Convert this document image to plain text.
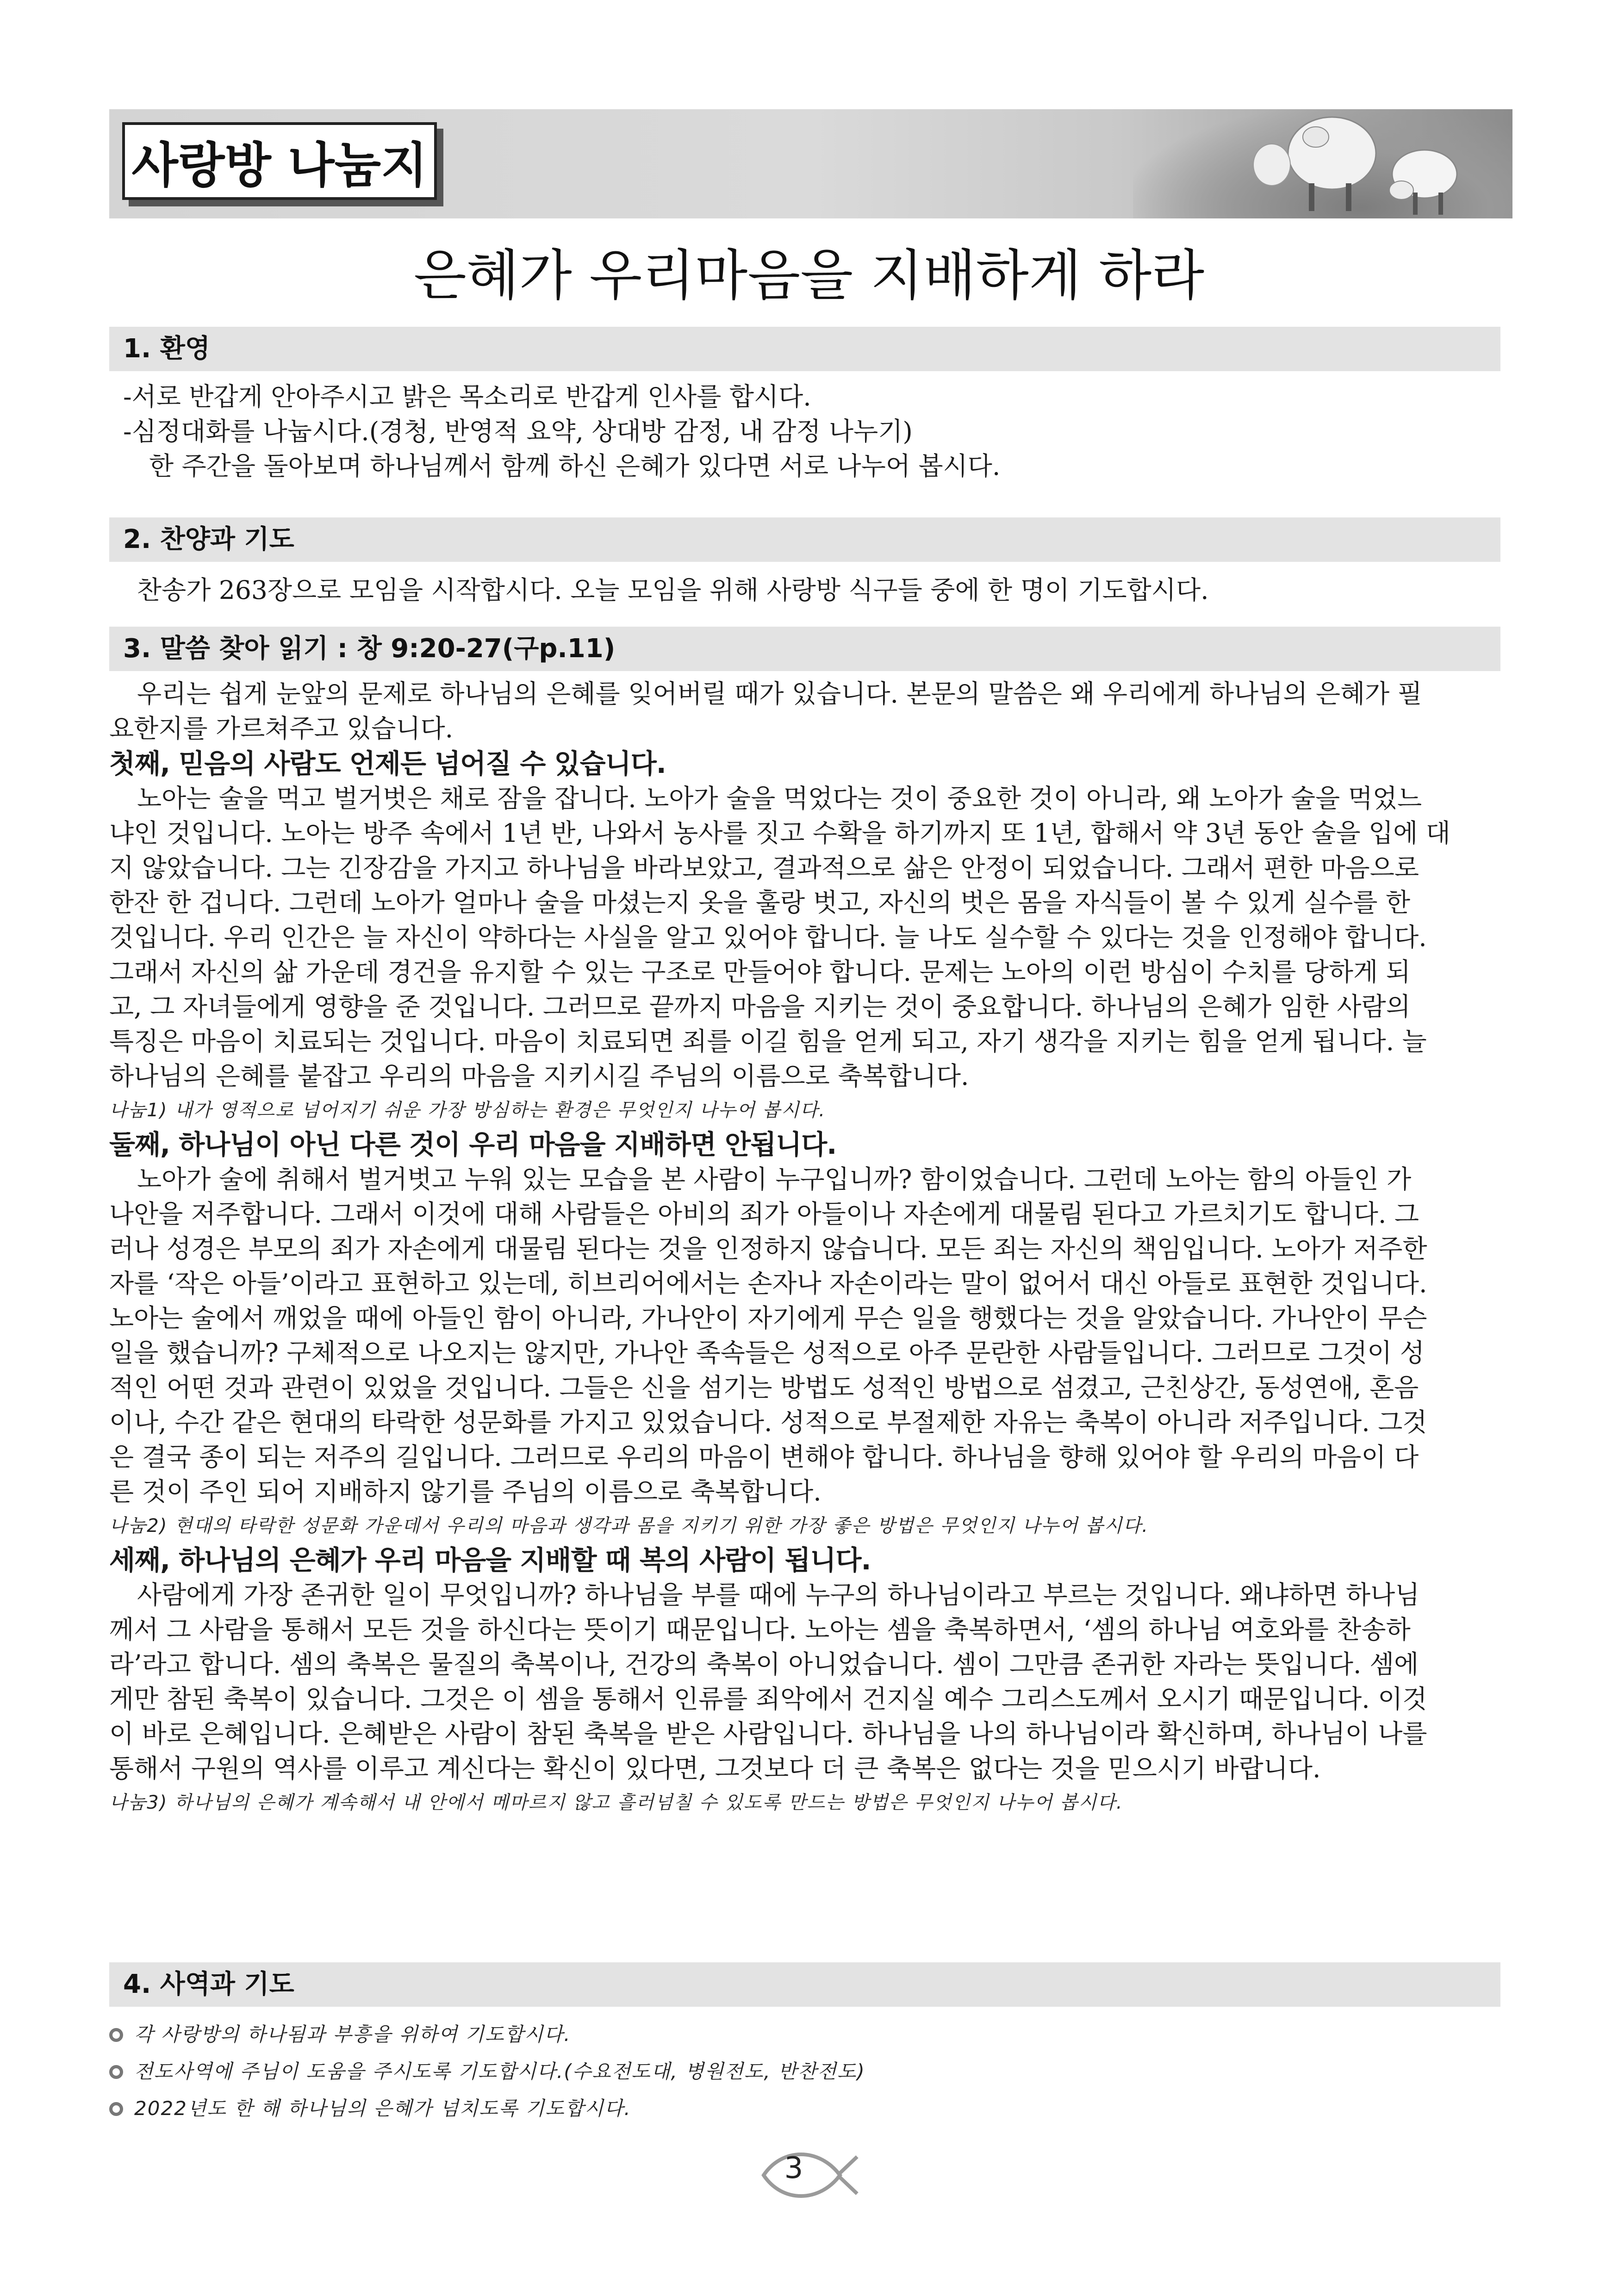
사랑방 나눔지
은혜가 우리마음을 지배하게 하라
1. 환영
-서로 반갑게 안아주시고 밝은 목소리로 반갑게 인사를 합시다.
-심정대화를 나눕시다.(경청, 반영적 요약, 상대방 감정, 내 감정 나누기)
한 주간을 돌아보며 하나님께서 함께 하신 은혜가 있다면 서로 나누어 봅시다.
2. 찬양과 기도
찬송가 263장으로 모임을 시작합시다. 오늘 모임을 위해 사랑방 식구들 중에 한 명이 기도합시다.
3. 말씀 찾아 읽기 : 창 9:20-27(구p.11)
우리는 쉽게 눈앞의 문제로 하나님의 은혜를 잊어버릴 때가 있습니다. 본문의 말씀은 왜 우리에게 하나님의 은혜가 필
요한지를 가르쳐주고 있습니다.
첫째, 믿음의 사람도 언제든 넘어질 수 있습니다.
노아는 술을 먹고 벌거벗은 채로 잠을 잡니다. 노아가 술을 먹었다는 것이 중요한 것이 아니라, 왜 노아가 술을 먹었느
냐인 것입니다. 노아는 방주 속에서 1년 반, 나와서 농사를 짓고 수확을 하기까지 또 1년, 합해서 약 3년 동안 술을 입에 대
지 않았습니다. 그는 긴장감을 가지고 하나님을 바라보았고, 결과적으로 삶은 안정이 되었습니다. 그래서 편한 마음으로
한잔 한 겁니다. 그런데 노아가 얼마나 술을 마셨는지 옷을 훌랑 벗고, 자신의 벗은 몸을 자식들이 볼 수 있게 실수를 한
것입니다. 우리 인간은 늘 자신이 약하다는 사실을 알고 있어야 합니다. 늘 나도 실수할 수 있다는 것을 인정해야 합니다.
그래서 자신의 삶 가운데 경건을 유지할 수 있는 구조로 만들어야 합니다. 문제는 노아의 이런 방심이 수치를 당하게 되
고, 그 자녀들에게 영향을 준 것입니다. 그러므로 끝까지 마음을 지키는 것이 중요합니다. 하나님의 은혜가 임한 사람의
특징은 마음이 치료되는 것입니다. 마음이 치료되면 죄를 이길 힘을 얻게 되고, 자기 생각을 지키는 힘을 얻게 됩니다. 늘
하나님의 은혜를 붙잡고 우리의 마음을 지키시길 주님의 이름으로 축복합니다.
나눔1) 내가 영적으로 넘어지기 쉬운 가장 방심하는 환경은 무엇인지 나누어 봅시다.
둘째, 하나님이 아닌 다른 것이 우리 마음을 지배하면 안됩니다.
노아가 술에 취해서 벌거벗고 누워 있는 모습을 본 사람이 누구입니까? 함이었습니다. 그런데 노아는 함의 아들인 가
나안을 저주합니다. 그래서 이것에 대해 사람들은 아비의 죄가 아들이나 자손에게 대물림 된다고 가르치기도 합니다. 그
러나 성경은 부모의 죄가 자손에게 대물림 된다는 것을 인정하지 않습니다. 모든 죄는 자신의 책임입니다. 노아가 저주한
자를 ‘작은 아들’이라고 표현하고 있는데, 히브리어에서는 손자나 자손이라는 말이 없어서 대신 아들로 표현한 것입니다.
노아는 술에서 깨었을 때에 아들인 함이 아니라, 가나안이 자기에게 무슨 일을 행했다는 것을 알았습니다. 가나안이 무슨
일을 했습니까? 구체적으로 나오지는 않지만, 가나안 족속들은 성적으로 아주 문란한 사람들입니다. 그러므로 그것이 성
적인 어떤 것과 관련이 있었을 것입니다. 그들은 신을 섬기는 방법도 성적인 방법으로 섬겼고, 근친상간, 동성연애, 혼음
이나, 수간 같은 현대의 타락한 성문화를 가지고 있었습니다. 성적으로 부절제한 자유는 축복이 아니라 저주입니다. 그것
은 결국 종이 되는 저주의 길입니다. 그러므로 우리의 마음이 변해야 합니다. 하나님을 향해 있어야 할 우리의 마음이 다
른 것이 주인 되어 지배하지 않기를 주님의 이름으로 축복합니다.
나눔2) 현대의 타락한 성문화 가운데서 우리의 마음과 생각과 몸을 지키기 위한 가장 좋은 방법은 무엇인지 나누어 봅시다.
세째, 하나님의 은혜가 우리 마음을 지배할 때 복의 사람이 됩니다.
사람에게 가장 존귀한 일이 무엇입니까? 하나님을 부를 때에 누구의 하나님이라고 부르는 것입니다. 왜냐하면 하나님
께서 그 사람을 통해서 모든 것을 하신다는 뜻이기 때문입니다. 노아는 셈을 축복하면서, ‘셈의 하나님 여호와를 찬송하
라’라고 합니다. 셈의 축복은 물질의 축복이나, 건강의 축복이 아니었습니다. 셈이 그만큼 존귀한 자라는 뜻입니다. 셈에
게만 참된 축복이 있습니다. 그것은 이 셈을 통해서 인류를 죄악에서 건지실 예수 그리스도께서 오시기 때문입니다. 이것
이 바로 은혜입니다. 은혜받은 사람이 참된 축복을 받은 사람입니다. 하나님을 나의 하나님이라 확신하며, 하나님이 나를
통해서 구원의 역사를 이루고 계신다는 확신이 있다면, 그것보다 더 큰 축복은 없다는 것을 믿으시기 바랍니다.
나눔3) 하나님의 은혜가 계속해서 내 안에서 메마르지 않고 흘러넘칠 수 있도록 만드는 방법은 무엇인지 나누어 봅시다.
4. 사역과 기도
각 사랑방의 하나됨과 부흥을 위하여 기도합시다.
전도사역에 주님이 도움을 주시도록 기도합시다.(수요전도대, 병원전도, 반찬전도)
2022년도 한 해 하나님의 은혜가 넘치도록 기도합시다.
3
